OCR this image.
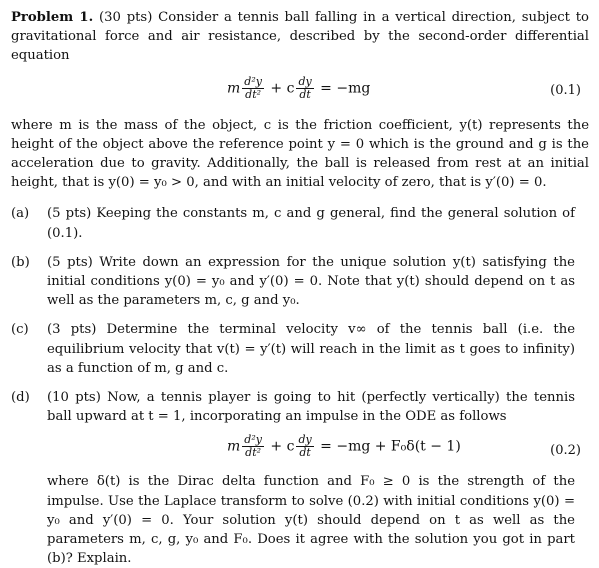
Problem 1. (30 pts) Consider a tennis ball falling in a vertical direction, subject to gravitational force and air resistance, described by the second-order differential equation

m $\frac{\text{d²y}}{\text{dt²}} + c \frac{dy}{dt} = -mg$	(0.1)

where m is the mass of the object, c is the friction coefficient, y(t) represents the height of the object above the reference point y = 0 which is the ground and g is the acceleration due to gravity. Additionally, the ball is released from rest at an initial height, that is y(0) = y₀ > 0, and with an initial velocity of zero, that is y′(0) = 0.

(a)	(5 pts) Keeping the constants m, c and g general, find the general solution of (0.1).
(b)	(5 pts) Write down an expression for the unique solution y(t) satisfying the initial conditions y(0) = y₀ and y′(0) = 0. Note that y(t) should depend on t as well as the parameters m, c, g and y₀.
(c)	(3 pts) Determine the terminal velocity v∞ of the tennis ball (i.e. the equilibrium velocity that v(t) = y′(t) will reach in the limit as t goes to infinity) as a function of m, g and c.
(d)	(10 pts) Now, a tennis player is going to hit (perfectly vertically) the tennis ball upward at t = 1, incorporating an impulse in the ODE as follows
m $\frac{\text{d²y}}{\text{dt²}} + c \frac{dy}{dt} = -mg + F_0\delta(t - 1)$	(0.2)
where δ(t) is the Dirac delta function and F₀ ≥ 0 is the strength of the impulse. Use the Laplace transform to solve (0.2) with initial conditions y(0) = y₀ and y′(0) = 0. Your solution y(t) should depend on t as well as the parameters m, c, g, y₀ and F₀. Does it agree with the solution you got in part (b)? Explain.
